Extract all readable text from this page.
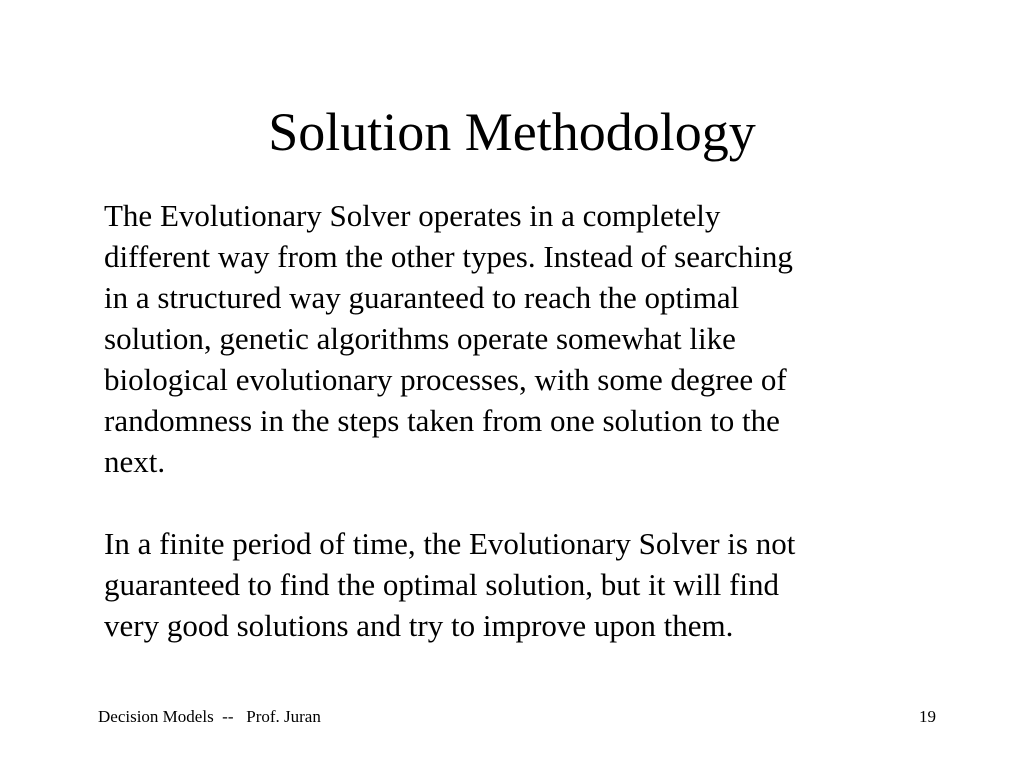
Solution Methodology

The Evolutionary Solver operates in a completely
different way from the other types. Instead of searching
in a structured way guaranteed to reach the optimal
solution, genetic algorithms operate somewhat like
biological evolutionary processes, with some degree of
randomness in the steps taken from one solution to the
next.

In a finite period of time, the Evolutionary Solver is not
guaranteed to find the optimal solution, but it will find
very good solutions and try to improve upon them.

Decision Models  --   Prof. Juran	19
